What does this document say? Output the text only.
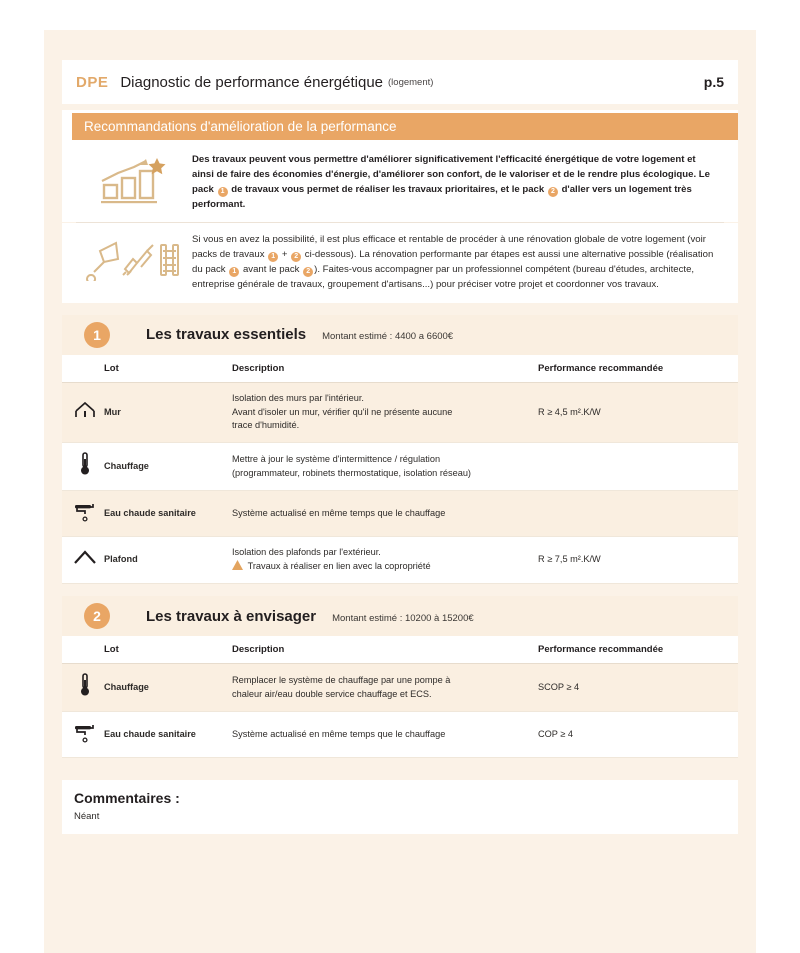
DPE Diagnostic de performance énergétique (logement)	p.5
Recommandations d'amélioration de la performance
Des travaux peuvent vous permettre d'améliorer significativement l'efficacité énergétique de votre logement et ainsi de faire des économies d'énergie, d'améliorer son confort, de le valoriser et de le rendre plus écologique. Le pack 1 de travaux vous permet de réaliser les travaux prioritaires, et le pack 2 d'aller vers un logement très performant.
Si vous en avez la possibilité, il est plus efficace et rentable de procéder à une rénovation globale de votre logement (voir packs de travaux 1 + 2 ci-dessous). La rénovation performante par étapes est aussi une alternative possible (réalisation du pack 1 avant le pack 2 ). Faites-vous accompagner par un professionnel compétent (bureau d'études, architecte, entreprise générale de travaux, groupement d'artisans...) pour préciser votre projet et coordonner vos travaux.
1	Les travaux essentiels Montant estimé : 4400 a 6600€
	Lot	Description	Performance recommandée
	Mur	Isolation des murs par l'intérieur.
Avant d'isoler un mur, vérifier qu'il ne présente aucune
trace d'humidité.	R ≥ 4,5 m².K/W
	Chauffage	Mettre à jour le système d'intermittence / régulation
(programmateur, robinets thermostatique, isolation réseau)	
	Eau chaude sanitaire	Système actualisé en même temps que le chauffage	
	Plafond	Isolation des plafonds par l'extérieur.
Travaux à réaliser en lien avec la copropriété	R ≥ 7,5 m².K/W
2	Les travaux à envisager Montant estimé : 10200 à 15200€
	Lot	Description	Performance recommandée
	Chauffage	Remplacer le système de chauffage par une pompe à
chaleur air/eau double service chauffage et ECS.	SCOP ≥ 4
	Eau chaude sanitaire	Système actualisé en même temps que le chauffage	COP ≥ 4
Commentaires :
Néant
